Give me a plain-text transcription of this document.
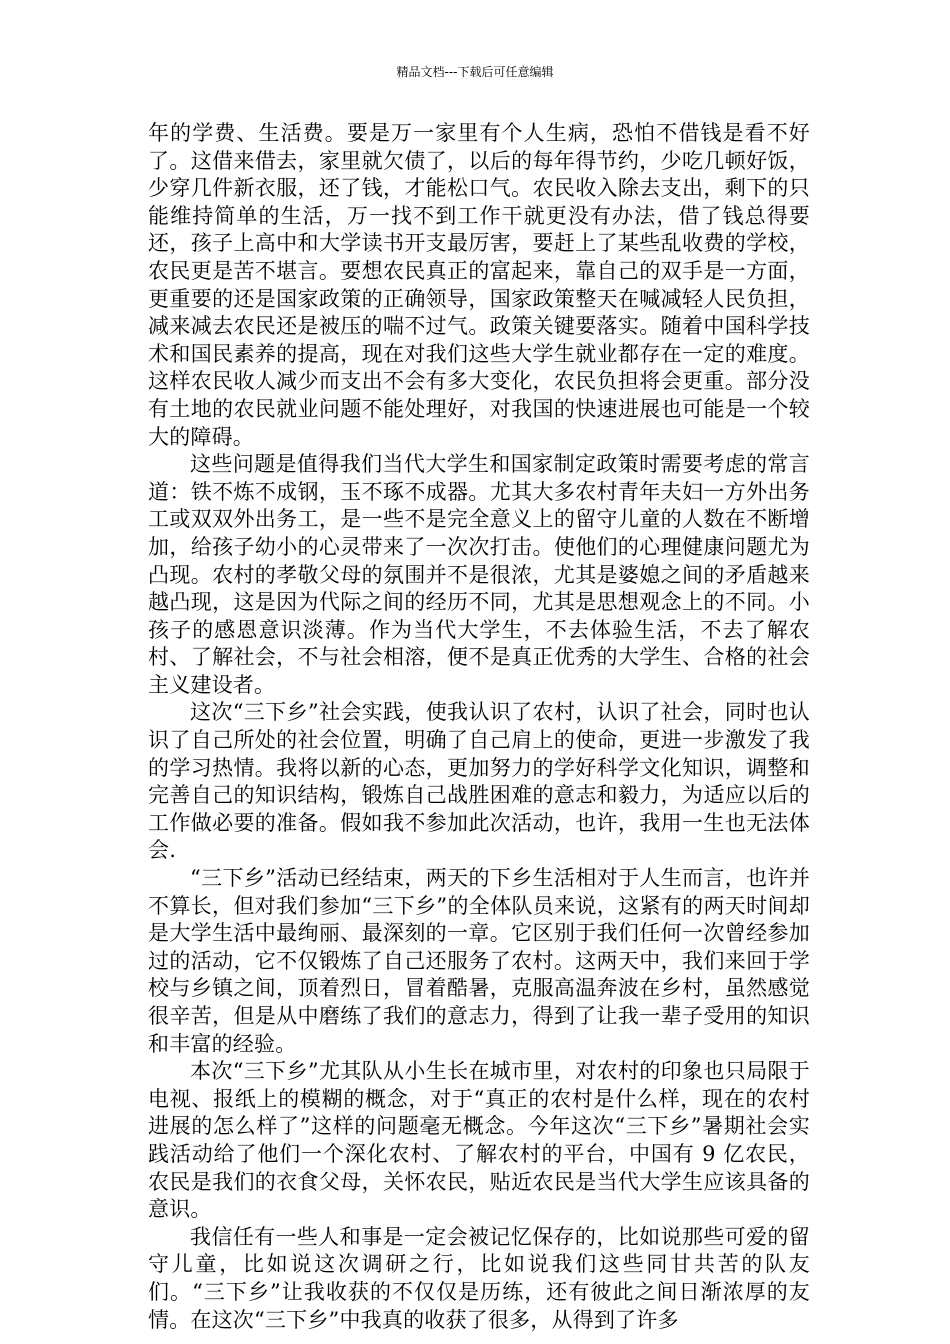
精品文档---下载后可任意编辑

年的学费、生活费。要是万一家里有个人生病，恐怕不借钱是看不好了。这借来借去，家里就欠债了，以后的每年得节约，少吃几顿好饭，少穿几件新衣服，还了钱，才能松口气。农民收入除去支出，剩下的只能维持简单的生活，万一找不到工作干就更没有办法，借了钱总得要还，孩子上高中和大学读书开支最厉害，要赶上了某些乱收费的学校，农民更是苦不堪言。要想农民真正的富起来，靠自己的双手是一方面，更重要的还是国家政策的正确领导，国家政策整天在喊减轻人民负担，减来减去农民还是被压的喘不过气。政策关键要落实。随着中国科学技术和国民素养的提高，现在对我们这些大学生就业都存在一定的难度。这样农民收人减少而支出不会有多大变化，农民负担将会更重。部分没有土地的农民就业问题不能处理好，对我国的快速进展也可能是一个较大的障碍。

这些问题是值得我们当代大学生和国家制定政策时需要考虑的常言道：铁不炼不成钢，玉不琢不成器。尤其大多农村青年夫妇一方外出务工或双双外出务工，是一些不是完全意义上的留守儿童的人数在不断增加，给孩子幼小的心灵带来了一次次打击。使他们的心理健康问题尤为凸现。农村的孝敬父母的氛围并不是很浓，尤其是婆媳之间的矛盾越来越凸现，这是因为代际之间的经历不同，尤其是思想观念上的不同。小孩子的感恩意识淡薄。作为当代大学生，不去体验生活，不去了解农村、了解社会，不与社会相溶，便不是真正优秀的大学生、合格的社会主义建设者。

这次“三下乡”社会实践，使我认识了农村，认识了社会，同时也认识了自己所处的社会位置，明确了自己肩上的使命，更进一步激发了我的学习热情。我将以新的心态，更加努力的学好科学文化知识，调整和完善自己的知识结构，锻炼自己战胜困难的意志和毅力，为适应以后的工作做必要的准备。假如我不参加此次活动，也许，我用一生也无法体会.

“三下乡”活动已经结束，两天的下乡生活相对于人生而言，也许并不算长，但对我们参加“三下乡”的全体队员来说，这紧有的两天时间却是大学生活中最绚丽、最深刻的一章。它区别于我们任何一次曾经参加过的活动，它不仅锻炼了自己还服务了农村。这两天中，我们来回于学校与乡镇之间，顶着烈日，冒着酷暑，克服高温奔波在乡村，虽然感觉很辛苦，但是从中磨练了我们的意志力，得到了让我一辈子受用的知识和丰富的经验。

本次“三下乡”尤其队从小生长在城市里，对农村的印象也只局限于电视、报纸上的模糊的概念，对于“真正的农村是什么样，现在的农村进展的怎么样了”这样的问题毫无概念。今年这次“三下乡”暑期社会实践活动给了他们一个深化农村、了解农村的平台，中国有 9 亿农民，农民是我们的衣食父母，关怀农民，贴近农民是当代大学生应该具备的意识。

我信任有一些人和事是一定会被记忆保存的，比如说那些可爱的留守儿童，比如说这次调研之行，比如说我们这些同甘共苦的队友们。“三下乡”让我收获的不仅仅是历练，还有彼此之间日渐浓厚的友情。在这次“三下乡”中我真的收获了很多，从得到了许多
